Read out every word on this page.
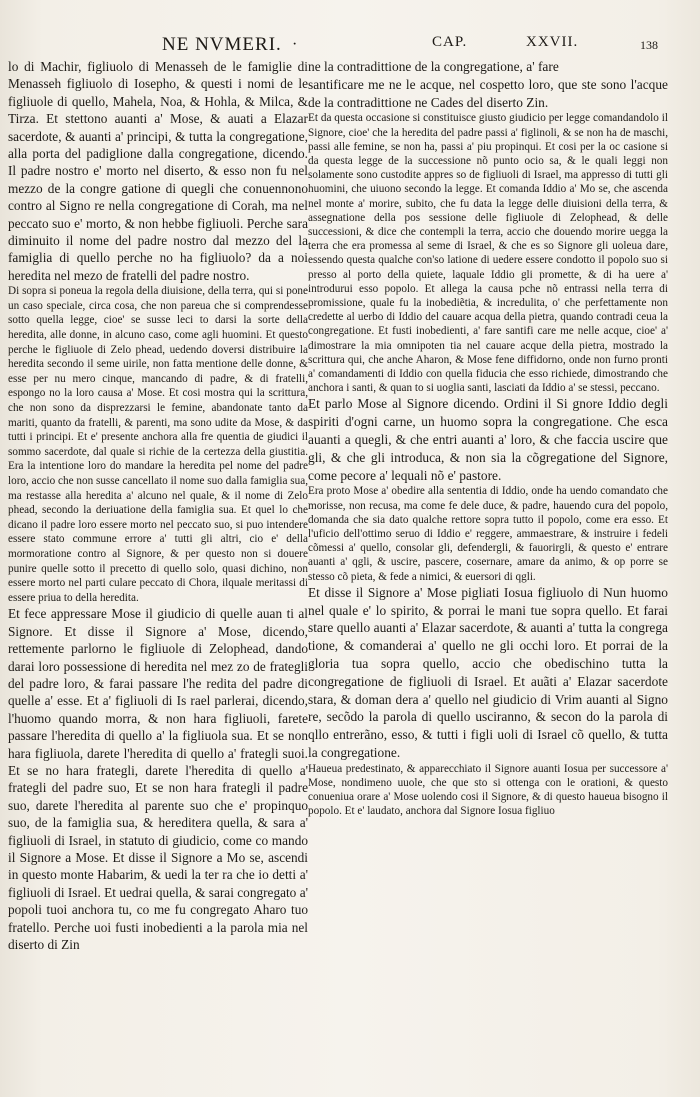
NE NVMERI. ·	CAP.	XXVII.	138

lo di Machir, figliuolo di Menasseh de le famiglie di Menasseh figliuolo di Iosepho, & questi i nomi de le figliuole di quello, Mahela, Noa, & Hohla, & Milca, & Tirza. Et stettono auanti a' Mose, & auati a Elazar sacerdote, & auanti a' principi, & tutta la congregatione, alla porta del padiglione dalla congregatione, dicendo. Il padre nostro e' morto nel diserto, & esso non fu nel mezzo de la congre gatione di quegli che conuennono contro al Signo re nella congregatione di Corah, ma nel peccato suo e' morto, & non hebbe figliuoli. Perche sara diminuito il nome del padre nostro dal mezzo del la famiglia di quello perche no ha figliuolo? da a noi heredita nel mezo de fratelli del padre nostro.

Di sopra si poneua la regola della diuisione, della terra, qui si pone un caso speciale, circa cosa, che non pareua che si comprendesse sotto quella legge, cioe' se susse leci to darsi la sorte della heredita, alle donne, in alcuno caso, come agli huomini. Et questo perche le figliuole di Zelo phead, uedendo doversi distribuire la heredita secondo il seme uirile, non fatta mentione delle donne, & esse per nu mero cinque, mancando di padre, & di fratelli, espongo no la loro causa a' Mose. Et cosi mostra qui la scrittura, che non sono da disprezzarsi le femine, abandonate tanto da mariti, quanto da fratelli, & parenti, ma sono udite da Mose, & da tutti i principi. Et e' presente anchora alla fre quentia de giudici il sommo sacerdote, dal quale si richie de la certezza della giustitia. Era la intentione loro do mandare la heredita pel nome del padre loro, accio che non susse cancellato il nome suo dalla famiglia sua, ma restasse alla heredita a' alcuno nel quale, & il nome di Zelo phead, secondo la deriuatione della famiglia sua. Et quel lo che dicano il padre loro essere morto nel peccato suo, si puo intendere essere stato commune errore a' tutti gli altri, cio e' della mormoratione contro al Signore, & per questo non si douere punire quelle sotto il precetto di quello solo, quasi dichino, non essere morto nel parti culare peccato di Chora, ilquale meritassi di essere priua to della heredita.

Et fece appressare Mose il giudicio di quelle auan ti al Signore. Et disse il Signore a' Mose, dicendo, rettemente parlorno le figliuole di Zelophead, dando darai loro possessione di heredita nel mez zo de frategli del padre loro, & farai passare l'he redita del padre di quelle a' esse. Et a' figliuoli di Is rael parlerai, dicendo, l'huomo quando morra, & non hara figliuoli, farete passare l'heredita di quello a' la figliuola sua. Et se non hara figliuola, darete l'heredita di quello a' frategli suoi. Et se no hara frategli, darete l'heredita di quello a' frategli del padre suo, Et se non hara frategli il padre suo, darete l'heredita al parente suo che e' propinquo suo, de la famiglia sua, & hereditera quella, & sara a' figliuoli di Israel, in statuto di giudicio, come co mando il Signore a Mose. Et disse il Signore a Mo se, ascendi in questo monte Habarim, & uedi la ter ra che io detti a' figliuoli di Israel. Et uedrai quella, & sarai congregato a' popoli tuoi anchora tu, co me fu congregato Aharo tuo fratello. Perche uoi fusti inobedienti a la parola mia nel diserto di Zin

ne la contradittione de la congregatione, a' fare

santificare me ne le acque, nel cospetto loro, que ste sono l'acque de la contradittione ne Cades del diserto Zin.

Et da questa occasione si constituisce giusto giudicio per legge comandandolo il Signore, cioe' che la heredita del padre passi a' figlinoli, & se non ha de maschi, passi alle femine, se non ha, passi a' piu propinqui. Et cosi per la oc casione si da questa legge de la successione nõ punto ocio sa, & le quali leggi non solamente sono custodite appres so de figliuoli di Israel, ma appresso di tutti gli huomini, che uiuono secondo la legge. Et comanda Iddio a' Mo se, che ascenda nel monte a' morire, subito, che fu data la legge delle diuisioni della terra, & assegnatione della pos sessione delle figliuole di Zelophead, & delle successioni, & dice che contempli la terra, accio che douendo morire uegga la terra che era promessa al seme di Israel, & che es so Signore gli uoleua dare, essendo questa qualche con'so latione di uedere essere condotto il popolo suo si presso al porto della quiete, laquale Iddio gli promette, & di ha uere a' introdurui esso popolo. Et allega la causa pche nõ entrassi nella terra di promissione, quale fu la inobediẽtia, & incredulita, o' che perfettamente non credette al uerbo di Iddio del cauare acqua della pietra, quando contradi ceua la congregatione. Et fusti inobedienti, a' fare santifi care me nelle acque, cioe' a' dimostrare la mia omnipoten tia nel cauare acque della pietra, mostrado la scrittura qui, che anche Aharon, & Mose fene diffidorno, onde non furno pronti a' comandamenti di Iddio con quella fiducia che esso richiede, dimostrando che anchora i santi, & quan to si uoglia santi, lasciati da Iddio a' se stessi, peccano.

Et parlo Mose al Signore dicendo. Ordini il Si gnore Iddio degli spiriti d'ogni carne, un huomo sopra la congregatione. Che esca auanti a quegli, & che entri auanti a' loro, & che faccia uscire que gli, & che gli introduca, & non sia la cõgregatione del Signore, come pecore a' lequali nõ e' pastore.

Era proto Mose a' obedire alla sententia di Iddio, onde ha uendo comandato che morisse, non recusa, ma come fe dele duce, & padre, hauendo cura del popolo, domanda che sia dato qualche rettore sopra tutto il popolo, come era esso. Et l'uficio dell'ottimo seruo di Iddio e' reggere, ammaestrare, & instruire i fedeli cõmessi a' quello, consolar gli, defendergli, & fauorirgli, & questo e' entrare auanti a' qgli, & uscire, pascere, cosernare, amare da animo, & op porre se stesso cõ pieta, & fede a nimici, & euersori di qgli.

Et disse il Signore a' Mose pigliati Iosua figliuolo di Nun huomo nel quale e' lo spirito, & porrai le mani tue sopra quello. Et farai stare quello auanti a' Elazar sacerdote, & auanti a' tutta la congrega tione, & comanderai a' quello ne gli occhi loro. Et porrai de la gloria tua sopra quello, accio che obedischino tutta la congregatione de figliuoli di Israel. Et auãti a' Elazar sacerdote stara, & doman dera a' quello nel giudicio di Vrim auanti al Signo re, secõdo la parola di quello usciranno, & secon do la parola di qllo entrerãno, esso, & tutti i figli uoli di Israel cõ quello, & tutta la congregatione.

Haueua predestinato, & apparecchiato il Signore auanti Iosua per successore a' Mose, nondimeno uuole, che que sto si ottenga con le orationi, & questo conueniua orare a' Mose uolendo cosi il Signore, & di questo haueua bisogno il popolo. Et e' laudato, anchora dal Signore Iosua figliuo
